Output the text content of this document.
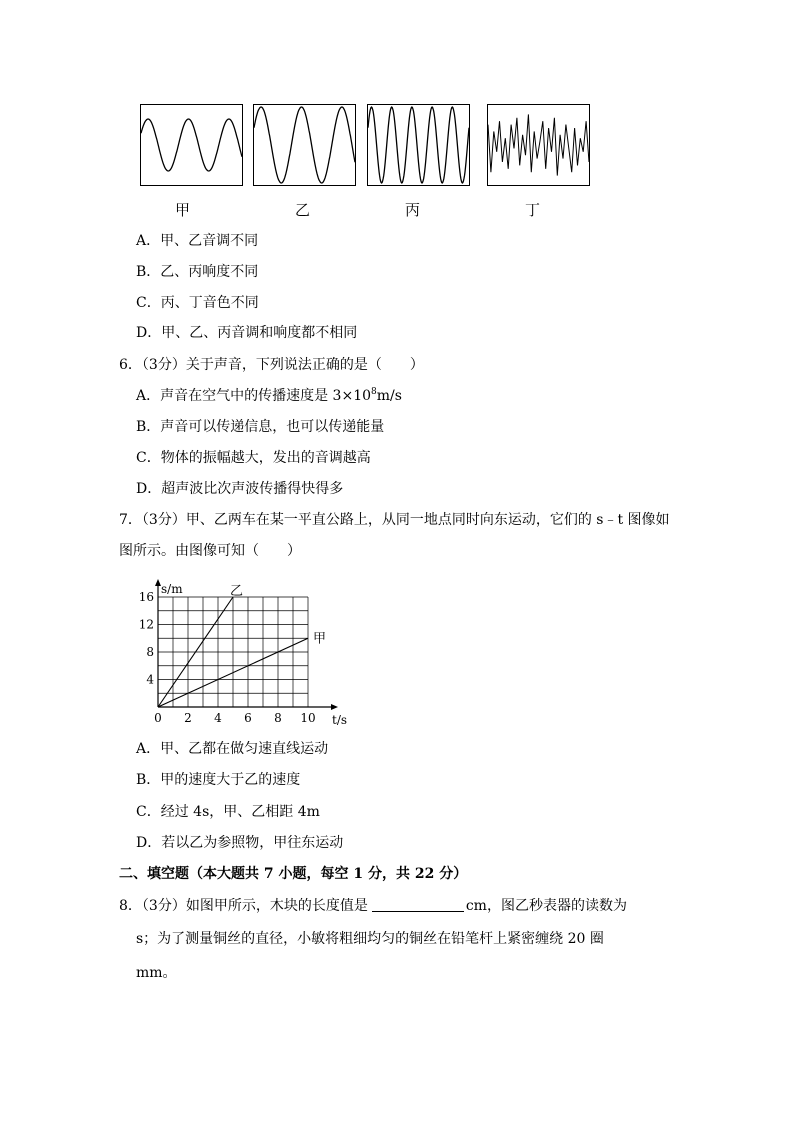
甲	乙	丙	丁
A．甲、乙音调不同
B．乙、丙响度不同
C．丙、丁音色不同
D．甲、乙、丙音调和响度都不相同
6．（3分）关于声音，下列说法正确的是（　　）
A．声音在空气中的传播速度是 $3\times 10^8m/s$
B．声音可以传递信息，也可以传递能量
C．物体的振幅越大，发出的音调越高
D．超声波比次声波传播得快得多
7．（3分）甲、乙两车在某一平直公路上，从同一地点同时向东运动，它们的 s﹣t 图像如
图所示。由图像可知（　　）
0 2 4 6 8 10
4
8
12
16	乙
甲
s/m
t/s
A．甲、乙都在做匀速直线运动
B．甲的速度大于乙的速度
C．经过 4s，甲、乙相距 4m
D．若以乙为参照物，甲往东运动
二、填空题（本大题共 7 小题，每空 1 分，共 22 分）
8．（3分）如图甲所示，木块的长度值是	cm，图乙秒表器的读数为
s；为了测量铜丝的直径，小敏将粗细均匀的铜丝在铅笔杆上紧密缠绕 20 圈
mm。
